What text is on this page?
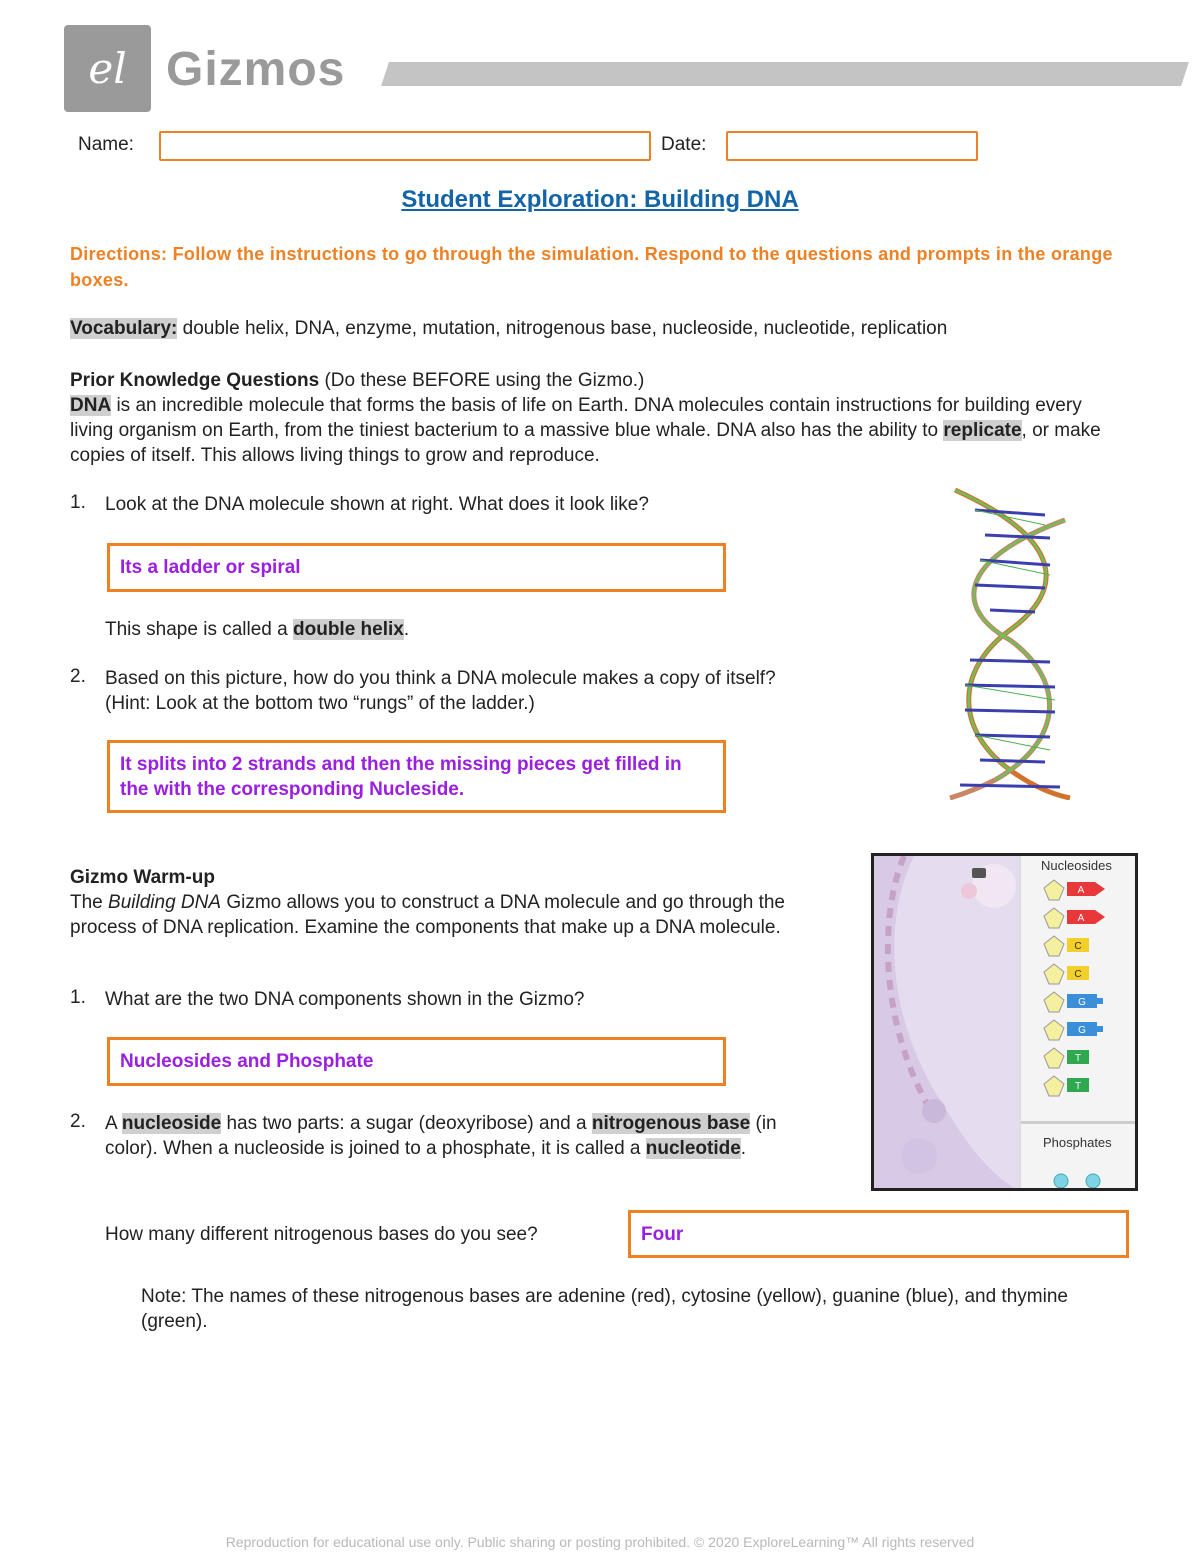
el Gizmos
Name:	Date:
Student Exploration: Building DNA
Directions: Follow the instructions to go through the simulation. Respond to the questions and prompts in the orange boxes.
Vocabulary: double helix, DNA, enzyme, mutation, nitrogenous base, nucleoside, nucleotide, replication
Prior Knowledge Questions (Do these BEFORE using the Gizmo.)
DNA is an incredible molecule that forms the basis of life on Earth. DNA molecules contain instructions for building every living organism on Earth, from the tiniest bacterium to a massive blue whale. DNA also has the ability to replicate, or make copies of itself. This allows living things to grow and reproduce.
1. Look at the DNA molecule shown at right. What does it look like?
Its a ladder or spiral
This shape is called a double helix.
2. Based on this picture, how do you think a DNA molecule makes a copy of itself?
(Hint: Look at the bottom two “rungs” of the ladder.)
It splits into 2 strands and then the missing pieces get filled in the with the corresponding Nucleside.
Gizmo Warm-up
The Building DNA Gizmo allows you to construct a DNA molecule and go through the process of DNA replication. Examine the components that make up a DNA molecule.
1. What are the two DNA components shown in the Gizmo?
Nucleosides and Phosphate
2. A nucleoside has two parts: a sugar (deoxyribose) and a nitrogenous base (in color). When a nucleoside is joined to a phosphate, it is called a nucleotide.
How many different nitrogenous bases do you see?	Four
Note: The names of these nitrogenous bases are adenine (red), cytosine (yellow), guanine (blue), and thymine (green).
Nucleosides
A
A
C
C
G
G
T
T
Phosphates
Reproduction for educational use only. Public sharing or posting prohibited. © 2020 ExploreLearning™ All rights reserved
